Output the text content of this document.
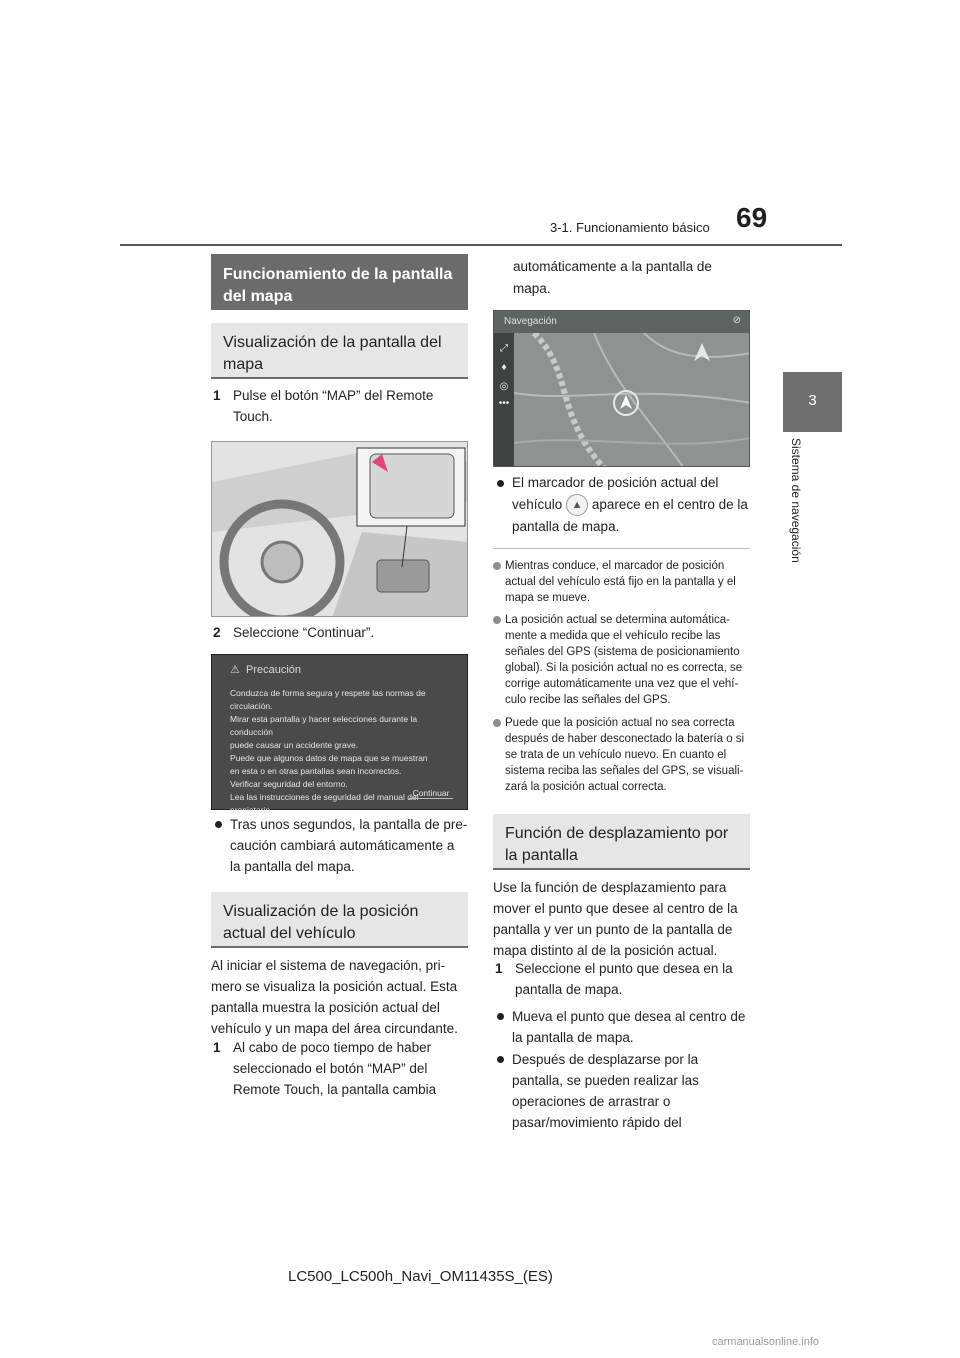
3-1. Funcionamiento básico 69
3
Sistema de navegación
Funcionamiento de la pantalla del mapa
Visualización de la pantalla del mapa
1 Pulse el botón “MAP” del Remote Touch.
2 Seleccione “Continuar”.
⚠ Precaución
Conduzca de forma segura y respete las normas de circulación.
Mirar esta pantalla y hacer selecciones durante la conducción
puede causar un accidente grave.
Puede que algunos datos de mapa que se muestran
en esta o en otras pantallas sean incorrectos.
Verificar seguridad del entorno.
Lea las instrucciones de seguridad del manual del propietario.
Continuar
Tras unos segundos, la pantalla de pre-caución cambiará automáticamente a la pantalla del mapa.
Visualización de la posición actual del vehículo
Al iniciar el sistema de navegación, pri-mero se visualiza la posición actual. Esta pantalla muestra la posición actual del vehículo y un mapa del área circundante.
1 Al cabo de poco tiempo de haber seleccionado el botón “MAP” del Remote Touch, la pantalla cambia
automáticamente a la pantalla de mapa.
Navegación	⊘
⤢
♦
◎
•••
El marcador de posición actual del
vehículo ▲ aparece en el centro de la pantalla de mapa.
Mientras conduce, el marcador de posición actual del vehículo está fijo en la pantalla y el mapa se mueve.
La posición actual se determina automática-mente a medida que el vehículo recibe las señales del GPS (sistema de posicionamiento global). Si la posición actual no es correcta, se corrige automáticamente una vez que el vehí-culo recibe las señales del GPS.
Puede que la posición actual no sea correcta después de haber desconectado la batería o si se trata de un vehículo nuevo. En cuanto el sistema reciba las señales del GPS, se visuali-zará la posición actual correcta.
Función de desplazamiento por la pantalla
Use la función de desplazamiento para mover el punto que desee al centro de la pantalla y ver un punto de la pantalla de mapa distinto al de la posición actual.
1 Seleccione el punto que desea en la pantalla de mapa.
Mueva el punto que desea al centro de la pantalla de mapa.
Después de desplazarse por la pantalla, se pueden realizar las operaciones de arrastrar o pasar/movimiento rápido del
LC500_LC500h_Navi_OM11435S_(ES)
carmanualsonline.info
